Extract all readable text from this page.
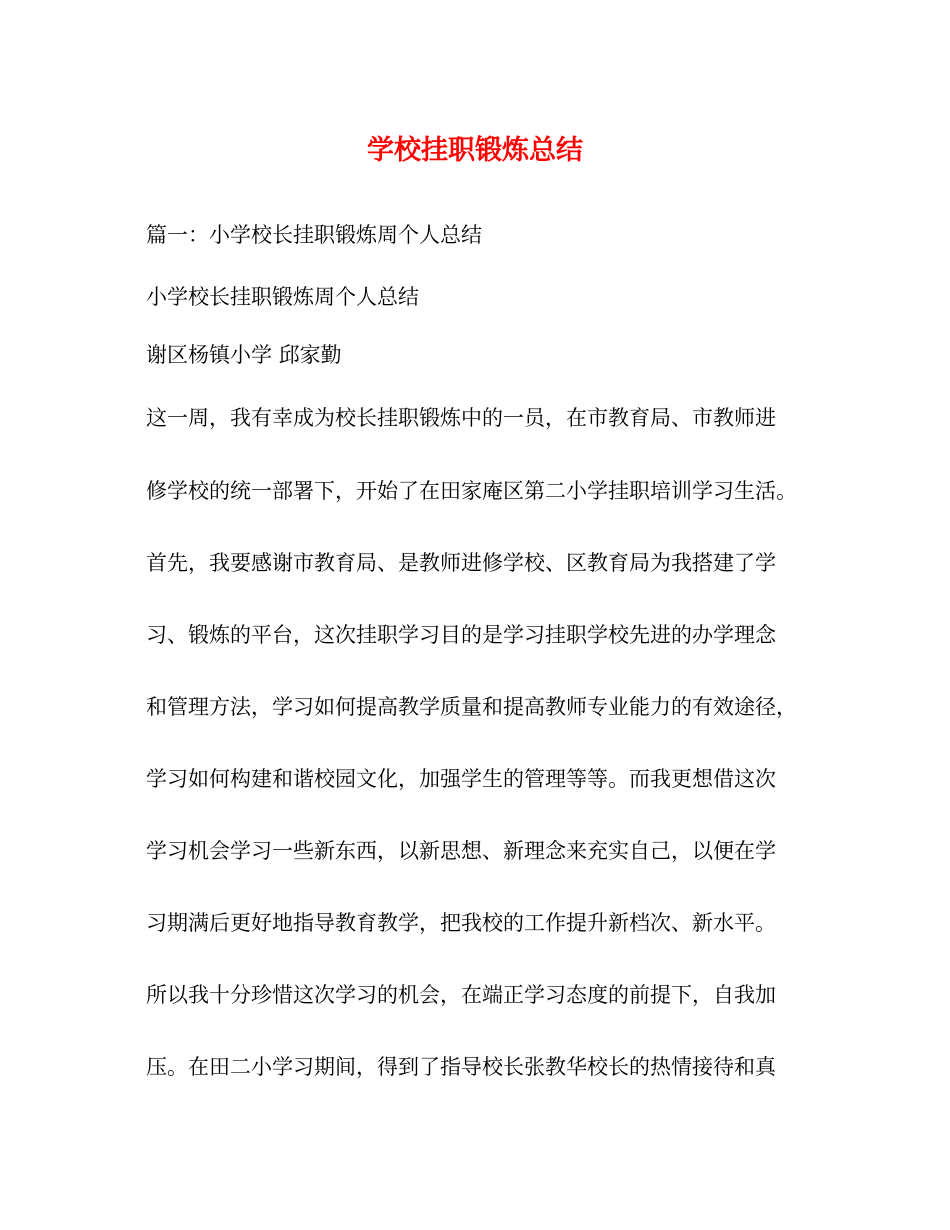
学校挂职锻炼总结

篇一：小学校长挂职锻炼周个人总结

小学校长挂职锻炼周个人总结

谢区杨镇小学 邱家勤

这一周，我有幸成为校长挂职锻炼中的一员，在市教育局、市教师进

修学校的统一部署下，开始了在田家庵区第二小学挂职培训学习生活。

首先，我要感谢市教育局、是教师进修学校、区教育局为我搭建了学

习、锻炼的平台，这次挂职学习目的是学习挂职学校先进的办学理念

和管理方法，学习如何提高教学质量和提高教师专业能力的有效途径，

学习如何构建和谐校园文化，加强学生的管理等等。而我更想借这次

学习机会学习一些新东西，以新思想、新理念来充实自己，以便在学

习期满后更好地指导教育教学，把我校的工作提升新档次、新水平。

所以我十分珍惜这次学习的机会，在端正学习态度的前提下，自我加

压。在田二小学习期间，得到了指导校长张教华校长的热情接待和真
